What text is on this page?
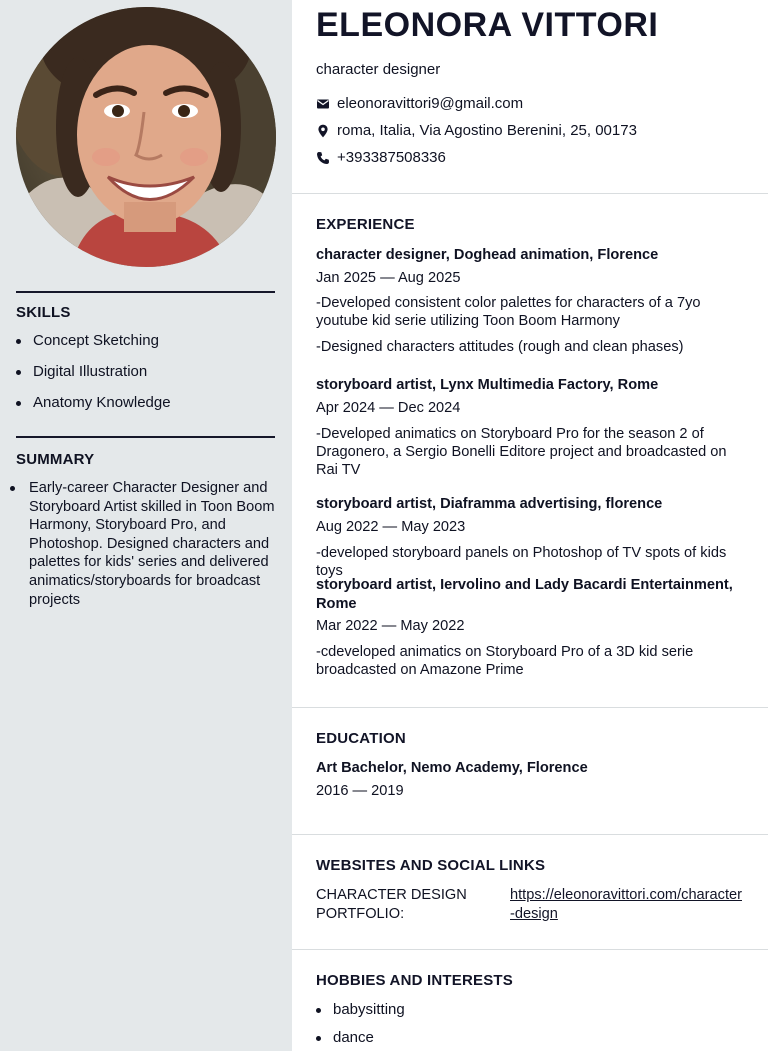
SKILLS
Concept Sketching
Digital Illustration
Anatomy Knowledge
SUMMARY
Early-career Character Designer and Storyboard Artist skilled in Toon Boom Harmony, Storyboard Pro, and Photoshop. Designed characters and palettes for kids' series and delivered animatics/storyboards for broadcast projects
ELEONORA VITTORI
character designer
eleonoravittori9@gmail.com
roma, Italia, Via Agostino Berenini, 25, 00173
+393387508336
EXPERIENCE
character designer, Doghead animation, Florence
Jan 2025 — Aug 2025
-Developed consistent color palettes for characters of a 7yo youtube kid serie utilizing Toon Boom Harmony
-Designed characters attitudes (rough and clean phases)
storyboard artist, Lynx Multimedia Factory, Rome
Apr 2024 — Dec 2024
-Developed animatics on Storyboard Pro for the season 2 of Dragonero, a Sergio Bonelli Editore project and broadcasted on Rai TV
storyboard artist, Diaframma advertising, florence
Aug 2022 — May 2023
-developed storyboard panels on Photoshop of TV spots of kids toys
storyboard artist, Iervolino and Lady Bacardi Entertainment, Rome
Mar 2022 — May 2022
-cdeveloped animatics on Storyboard Pro of a 3D kid serie broadcasted on Amazone Prime
EDUCATION
Art Bachelor, Nemo Academy, Florence
2016 — 2019
WEBSITES AND SOCIAL LINKS
CHARACTER DESIGN PORTFOLIO:
https://eleonoravittori.com/character-design
HOBBIES AND INTERESTS
babysitting
dance
